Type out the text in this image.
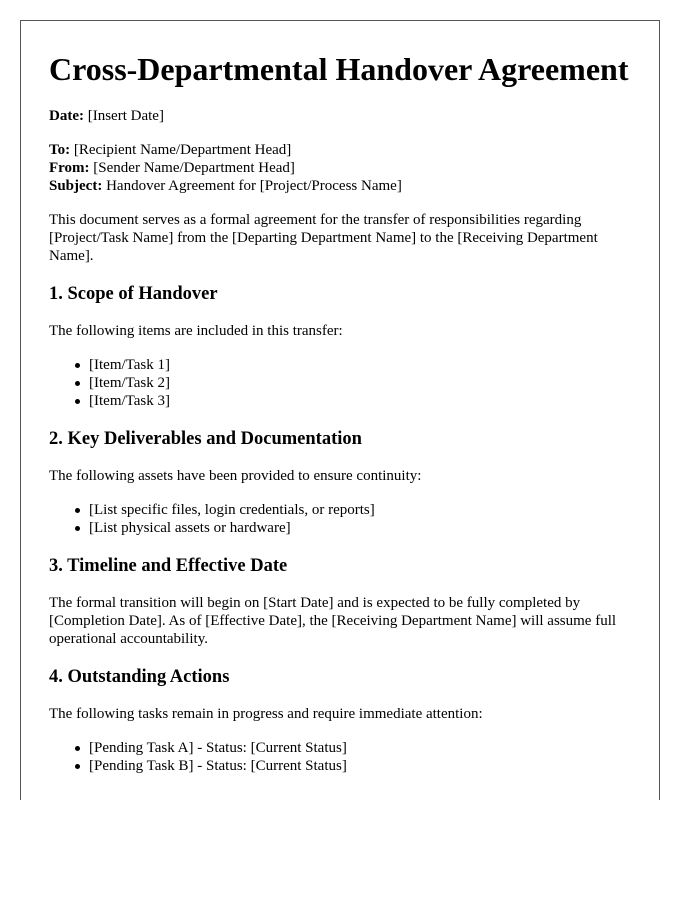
Cross-Departmental Handover Agreement

Date: [Insert Date]

To: [Recipient Name/Department Head]

From: [Sender Name/Department Head]

Subject: Handover Agreement for [Project/Process Name]

This document serves as a formal agreement for the transfer of responsibilities regarding [Project/Task Name] from the [Departing Department Name] to the [Receiving Department Name].

1. Scope of Handover

The following items are included in this transfer:

[Item/Task 1]
[Item/Task 2]
[Item/Task 3]
2. Key Deliverables and Documentation

The following assets have been provided to ensure continuity:

[List specific files, login credentials, or reports]
[List physical assets or hardware]
3. Timeline and Effective Date

The formal transition will begin on [Start Date] and is expected to be fully completed by [Completion Date]. As of [Effective Date], the [Receiving Department Name] will assume full operational accountability.

4. Outstanding Actions

The following tasks remain in progress and require immediate attention:

[Pending Task A] - Status: [Current Status]
[Pending Task B] - Status: [Current Status]
